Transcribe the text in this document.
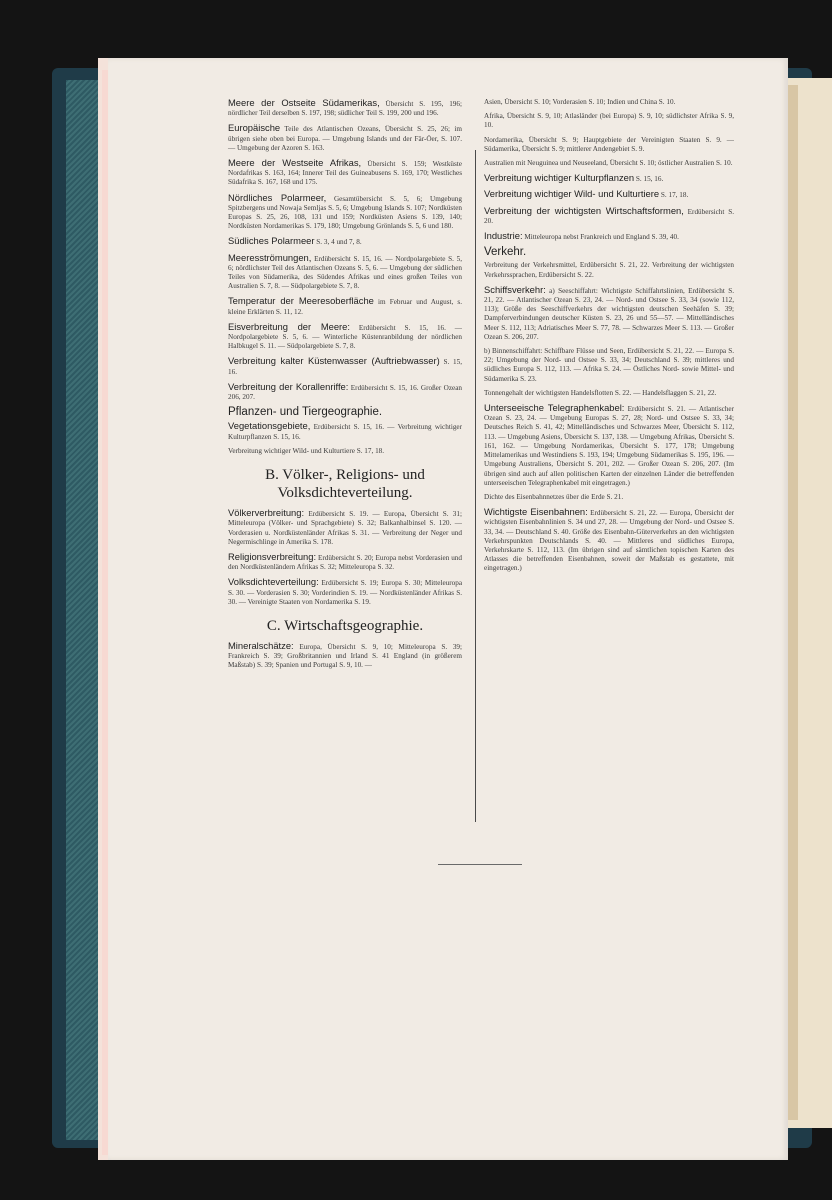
Meere der Ostseite Südamerikas, Übersicht S. 195, 196; nördlicher Teil derselben S. 197, 198; südlicher Teil S. 199, 200 und 196.
Europäische Teile des Atlantischen Ozeans, Übersicht S. 25, 26; im übrigen siehe oben bei Europa. — Umgebung Islands und der Fär-Öer, S. 107. — Umgebung der Azoren S. 163.
Meere der Westseite Afrikas, Übersicht S. 159; Westküste Nordafrikas S. 163, 164; Innerer Teil des Guineabusens S. 169, 170; Westliches Südafrika S. 167, 168 und 175.
Nördliches Polarmeer, Gesamtübersicht S. 5, 6; Umgebung Spitzbergens und Nowaja Semljas S. 5, 6; Umgebung Islands S. 107; Nordküsten Europas S. 25, 26, 108, 131 und 159; Nordküsten Asiens S. 139, 140; Nordküsten Nordamerikas S. 179, 180; Umgebung Grönlands S. 5, 6 und 180.
Südliches Polarmeer S. 3, 4 und 7, 8.
Meeresströmungen, Erdübersicht S. 15, 16. — Nordpolargebiete S. 5, 6; nördlichster Teil des Atlantischen Ozeans S. 5, 6. — Umgebung der südlichen Teiles von Südamerika, des Südendes Afrikas und eines großen Teiles von Australien S. 7, 8. — Südpolargebiete S. 7, 8.
Temperatur der Meeresoberfläche im Februar und August, s. kleine Erklärten S. 11, 12.
Eisverbreitung der Meere: Erdübersicht S. 15, 16. — Nordpolargebiete S. 5, 6. — Winterliche Küstenranbildung der nördlichen Halbkugel S. 11. — Südpolargebiete S. 7, 8.
Verbreitung kalter Küstenwasser (Auftriebwasser) S. 15, 16.
Verbreitung der Korallenriffe: Erdübersicht S. 15, 16. Großer Ozean 206, 207.
Pflanzen- und Tiergeographie.
Vegetationsgebiete, Erdübersicht S. 15, 16. — Verbreitung wichtiger Kulturpflanzen S. 15, 16.
Verbreitung wichtiger Wild- und Kulturtiere S. 17, 18.
B. Völker-, Religions- und Volksdichteverteilung.
Völkerverbreitung: Erdübersicht S. 19. — Europa, Übersicht S. 31; Mitteleuropa (Völker- und Sprachgebiete) S. 32; Balkanhalbinsel S. 120. — Vorderasien u. Nordküstenländer Afrikas S. 31. — Verbreitung der Neger und Negermischlinge in Amerika S. 178.
Religionsverbreitung: Erdübersicht S. 20; Europa nebst Vorderasien und den Nordküstenländern Afrikas S. 32; Mitteleuropa S. 32.
Volksdichteverteilung: Erdübersicht S. 19; Europa S. 30; Mitteleuropa S. 30. — Vorderasien S. 30; Vorderindien S. 19. — Nordküstenländer Afrikas S. 30. — Vereinigte Staaten von Nordamerika S. 19.
C. Wirtschaftsgeographie.
Mineralschätze: Europa, Übersicht S. 9, 10; Mitteleuropa S. 39; Frankreich S. 39; Großbritannien und Irland S. 41 England (in größerem Maßstab) S. 39; Spanien und Portugal S. 9, 10. —
Asien, Übersicht S. 10; Vorderasien S. 10; Indien und China S. 10.
Afrika, Übersicht S. 9, 10; Atlasländer (bei Europa) S. 9, 10; südlichster Afrika S. 9, 10.
Nordamerika, Übersicht S. 9; Hauptgebiete der Vereinigten Staaten S. 9. — Südamerika, Übersicht S. 9; mittlerer Andengebiet S. 9.
Australien mit Neuguinea und Neuseeland, Übersicht S. 10; östlicher Australien S. 10.
Verbreitung wichtiger Kulturpflanzen S. 15, 16.
Verbreitung wichtiger Wild- und Kulturtiere S. 17, 18.
Verbreitung der wichtigsten Wirtschaftsformen, Erdübersicht S. 20.
Industrie: Mitteleuropa nebst Frankreich und England S. 39, 40.
Verkehr.
Verbreitung der Verkehrsmittel, Erdübersicht S. 21, 22. Verbreitung der wichtigsten Verkehrssprachen, Erdübersicht S. 22.
Schiffsverkehr: a) Seeschiffahrt: Wichtigste Schiffahrtslinien, Erdübersicht S. 21, 22. — Atlantischer Ozean S. 23, 24. — Nord- und Ostsee S. 33, 34 (sowie 112, 113); Größe des Seeschiffverkehrs der wichtigsten deutschen Seehäfen S. 39; Dampferverbindungen deutscher Küsten S. 23, 26 und 55—57. — Mittelländisches Meer S. 112, 113; Adriatisches Meer S. 77, 78. — Schwarzes Meer S. 113. — Großer Ozean S. 206, 207.
b) Binnenschiffahrt: Schiffbare Flüsse und Seen, Erdübersicht S. 21, 22. — Europa S. 22; Umgebung der Nord- und Ostsee S. 33, 34; Deutschland S. 39; mittleres und südliches Europa S. 112, 113. — Afrika S. 24. — Östliches Nord- sowie Mittel- und Südamerika S. 23.
Tonnengehalt der wichtigsten Handelsflotten S. 22. — Handelsflaggen S. 21, 22.
Unterseeische Telegraphenkabel: Erdübersicht S. 21. — Atlantischer Ozean S. 23, 24. — Umgebung Europas S. 27, 28; Nord- und Ostsee S. 33, 34; Deutsches Reich S. 41, 42; Mittelländisches und Schwarzes Meer, Übersicht S. 112, 113. — Umgebung Asiens, Übersicht S. 137, 138. — Umgebung Afrikas, Übersicht S. 161, 162. — Umgebung Nordamerikas, Übersicht S. 177, 178; Umgebung Mittelamerikas und Westindiens S. 193, 194; Umgebung Südamerikas S. 195, 196. — Umgebung Australiens, Übersicht S. 201, 202. — Großer Ozean S. 206, 207. (Im übrigen sind auch auf allen politischen Karten der einzelnen Länder die betreffenden unterseeischen Telegraphenkabel mit eingetragen.)
Dichte des Eisenbahnnetzes über die Erde S. 21.
Wichtigste Eisenbahnen: Erdübersicht S. 21, 22. — Europa, Übersicht der wichtigsten Eisenbahnlinien S. 34 und 27, 28. — Umgebung der Nord- und Ostsee S. 33, 34. — Deutschland S. 40. Größe des Eisenbahn-Güterverkehrs an den wichtigsten Verkehrspunkten Deutschlands S. 40. — Mittleres und südliches Europa, Verkehrskarte S. 112, 113. (Im übrigen sind auf sämtlichen topischen Karten des Atlasses die betreffenden Eisenbahnen, soweit der Maßstab es gestattete, mit eingetragen.)
